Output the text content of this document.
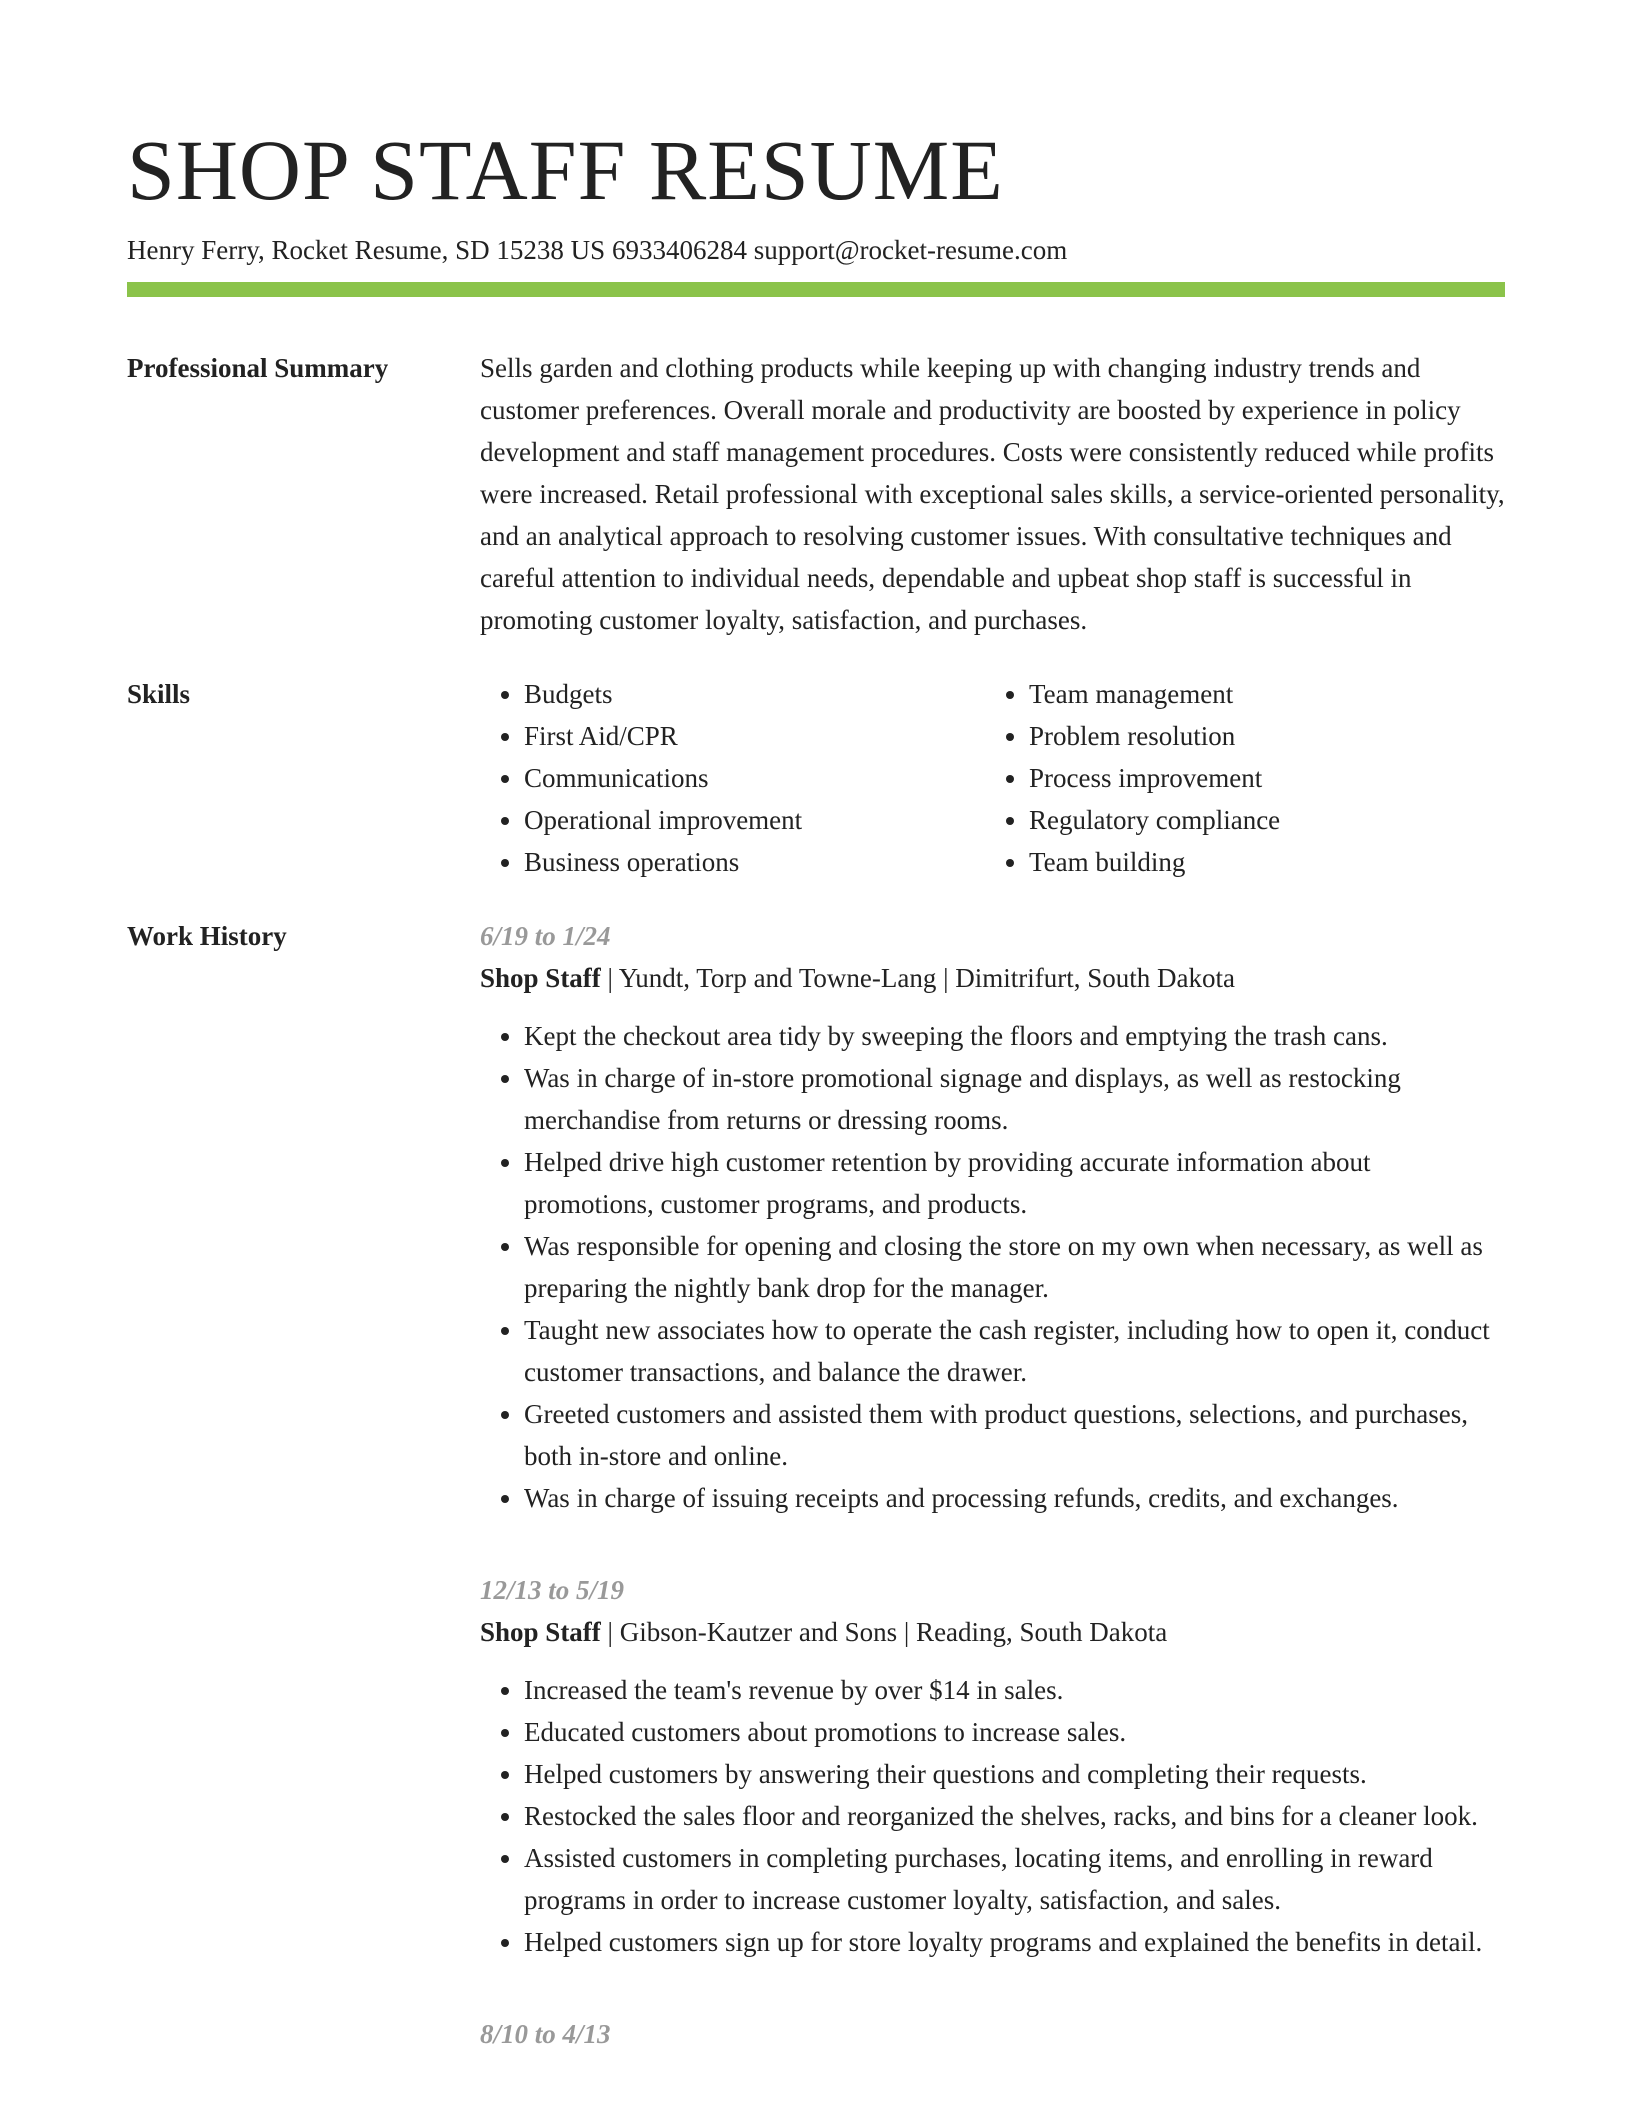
SHOP STAFF RESUME
Henry Ferry, Rocket Resume, SD 15238 US 6933406284 support@rocket-resume.com
Professional Summary	Sells garden and clothing products while keeping up with changing industry trends and customer preferences. Overall morale and productivity are boosted by experience in policy development and staff management procedures. Costs were consistently reduced while profits were increased. Retail professional with exceptional sales skills, a service-oriented personality, and an analytical approach to resolving customer issues. With consultative techniques and careful attention to individual needs, dependable and upbeat shop staff is successful in promoting customer loyalty, satisfaction, and purchases.

Skills
•	Budgets
• First Aid/CPR
• Communications
• Operational improvement
• Business operations
• Team management
• Problem resolution
• Process improvement
• Regulatory compliance
• Team building
Work History	6/19 to 1/24
Shop Staff | Yundt, Torp and Towne-Lang | Dimitrifurt, South Dakota
• Kept the checkout area tidy by sweeping the floors and emptying the trash cans.
• Was in charge of in-store promotional signage and displays, as well as restocking merchandise from returns or dressing rooms.
• Helped drive high customer retention by providing accurate information about promotions, customer programs, and products.
• Was responsible for opening and closing the store on my own when necessary, as well as preparing the nightly bank drop for the manager.
• Taught new associates how to operate the cash register, including how to open it, conduct customer transactions, and balance the drawer.
• Greeted customers and assisted them with product questions, selections, and purchases, both in-store and online.
• Was in charge of issuing receipts and processing refunds, credits, and exchanges.
12/13 to 5/19
Shop Staff | Gibson-Kautzer and Sons | Reading, South Dakota
• Increased the team's revenue by over $14 in sales.
• Educated customers about promotions to increase sales.
• Helped customers by answering their questions and completing their requests.
• Restocked the sales floor and reorganized the shelves, racks, and bins for a cleaner look.
• Assisted customers in completing purchases, locating items, and enrolling in reward programs in order to increase customer loyalty, satisfaction, and sales.
• Helped customers sign up for store loyalty programs and explained the benefits in detail.
8/10 to 4/13
